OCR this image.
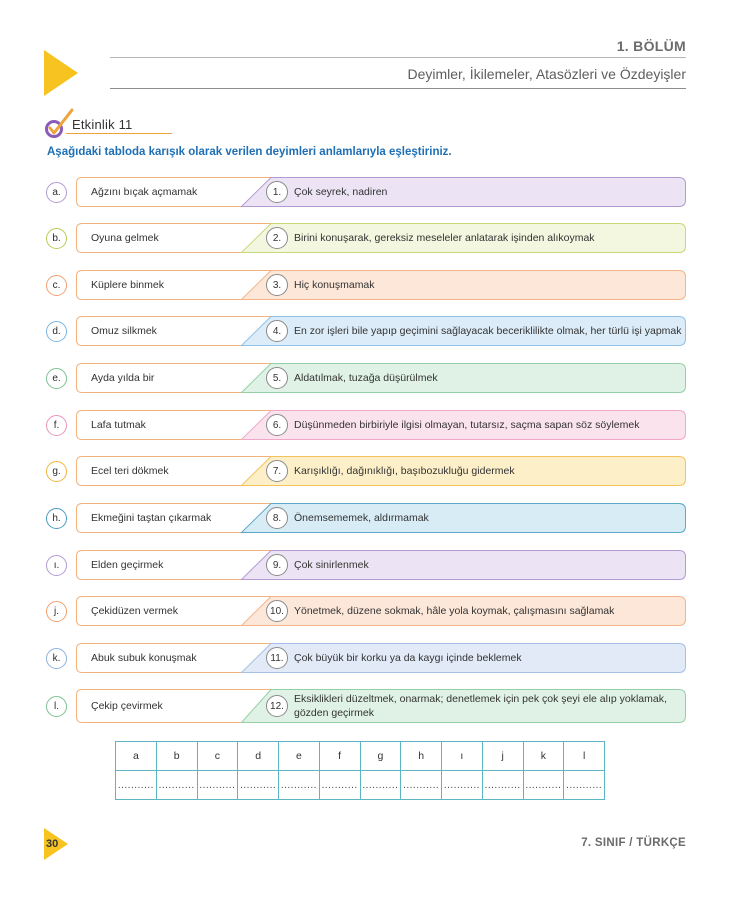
1. BÖLÜM
Deyimler, İkilemeler, Atasözleri ve Özdeyişler
Etkinlik 11
Aşağıdaki tabloda karışık olarak verilen deyimleri anlamlarıyla eşleştiriniz.
a.	Ağzını bıçak açmamak	1.	Çok seyrek, nadiren
b.	Oyuna gelmek	2.	Birini konuşarak, gereksiz meseleler anlatarak işinden alıkoymak
c.	Küplere binmek	3.	Hiç konuşmamak
d.	Omuz silkmek	4.	En zor işleri bile yapıp geçimini sağlayacak beceriklilikte olmak, her türlü işi yapmak
e.	Ayda yılda bir	5.	Aldatılmak, tuzağa düşürülmek
f.	Lafa tutmak	6.	Düşünmeden birbiriyle ilgisi olmayan, tutarsız, saçma sapan söz söylemek
g.	Ecel teri dökmek	7.	Karışıklığı, dağınıklığı, başıbozukluğu gidermek
h.	Ekmeğini taştan çıkarmak	8.	Önemsememek, aldırmamak
ı.	Elden geçirmek	9.	Çok sinirlenmek
j.	Çekidüzen vermek	10. Yönetmek, düzene sokmak, hâle yola koymak, çalışmasını sağlamak
k.	Abuk subuk konuşmak	11. Çok büyük bir korku ya da kaygı içinde beklemek
l.	Çekip çevirmek	12.
Eksiklikleri düzeltmek, onarmak; denetlemek için pek çok şeyi ele alıp yoklamak, gözden geçirmek
a	b	c	d	e	f	g	h	ı	j	k	l
...........	...........	...........	...........	...........	...........	...........	...........	...........	...........	...........	...........
30	7. SINIF / TÜRKÇE
